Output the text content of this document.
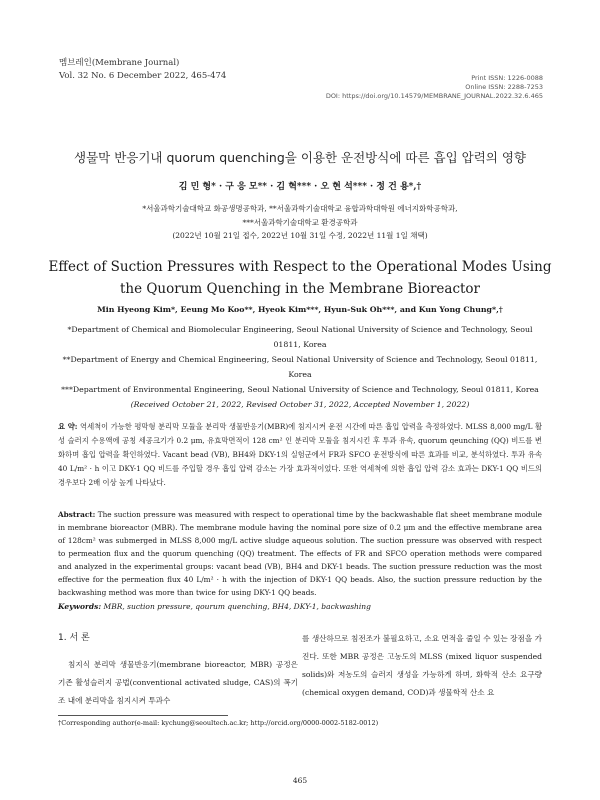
멤브레인(Membrane Journal)
Vol. 32 No. 6 December 2022, 465-474	Print ISSN: 1226-0088
Online ISSN: 2288-7253
DOI: https://doi.org/10.14579/MEMBRANE_JOURNAL.2022.32.6.465
생물막 반응기내 quorum quenching을 이용한 운전방식에 따른 흡입 압력의 영향
김 민 형* · 구 응 모** · 김 혁*** · 오 현 석*** · 정 건 용*,†
*서울과학기술대학교 화공생명공학과, **서울과학기술대학교 융합과학대학원 에너지화학공학과,
***서울과학기술대학교 환경공학과
(2022년 10월 21일 접수, 2022년 10월 31일 수정, 2022년 11월 1일 채택)
Effect of Suction Pressures with Respect to the Operational Modes Using
the Quorum Quenching in the Membrane Bioreactor
Min Hyeong Kim*, Eeung Mo Koo**, Hyeok Kim***, Hyun-Suk Oh***, and Kun Yong Chung*,†
*Department of Chemical and Biomolecular Engineering, Seoul National University of Science and Technology, Seoul 01811, Korea
**Department of Energy and Chemical Engineering, Seoul National University of Science and Technology, Seoul 01811, Korea
***Department of Environmental Engineering, Seoul National University of Science and Technology, Seoul 01811, Korea
(Received October 21, 2022, Revised October 31, 2022, Accepted November 1, 2022)
요 약: 역세척이 가능한 평막형 분리막 모듈을 분리막 생물반응기(MBR)에 침지시켜 운전 시간에 따른 흡입 압력을 측정하였다. MLSS 8,000 mg/L 활성 슬러지 수용액에 공칭 세공크기가 0.2 μm, 유효막면적이 128 cm² 인 분리막 모듈을 침지시킨 후 투과 유속, quorum qeunching (QQ) 비드를 변화하며 흡입 압력을 확인하였다. Vacant bead (VB), BH4와 DKY-1의 실험군에서 FR과 SFCO 운전방식에 따른 효과를 비교, 분석하였다. 투과 유속 40 L/m² · h 이고 DKY-1 QQ 비드를 주입할 경우 흡입 압력 감소는 가장 효과적이었다. 또한 역세척에 의한 흡입 압력 감소 효과는 DKY-1 QQ 비드의 경우보다 2배 이상 높게 나타났다.
Abstract: The suction pressure was measured with respect to operational time by the backwashable flat sheet membrane module in membrane bioreactor (MBR). The membrane module having the nominal pore size of 0.2 μm and the effective membrane area of 128cm² was submerged in MLSS 8,000 mg/L active sludge aqueous solution. The suction pressure was observed with respect to permeation flux and the quorum quenching (QQ) treatment. The effects of FR and SFCO operation methods were compared and analyzed in the experimental groups: vacant bead (VB), BH4 and DKY-1 beads. The suction pressure reduction was the most effective for the permeation flux 40 L/m² · h with the injection of DKY-1 QQ beads. Also, the suction pressure reduction by the backwashing method was more than twice for using DKY-1 QQ beads.
Keywords: MBR, suction pressure, qourum quenching, BH4, DKY-1, backwashing
1. 서 론
침지식 분리막 생물반응기(membrane bioreactor, MBR) 공정은 기존 활성슬러지 공법(conventional activated sludge, CAS)의 폭기조 내에 분리막을 침지시켜 투과수
를 생산하므로 침전조가 불필요하고, 소요 면적을 줄일 수 있는 장점을 가진다. 또한 MBR 공정은 고농도의 MLSS (mixed liquor suspended solids)와 저농도의 슬러지 생성을 가능하게 하며, 화학적 산소 요구량(chemical oxygen demand, COD)과 생물학적 산소 요
†Corresponding author(e-mail: kychung@seoultech.ac.kr; http://orcid.org/0000-0002-5182-0012)
465
